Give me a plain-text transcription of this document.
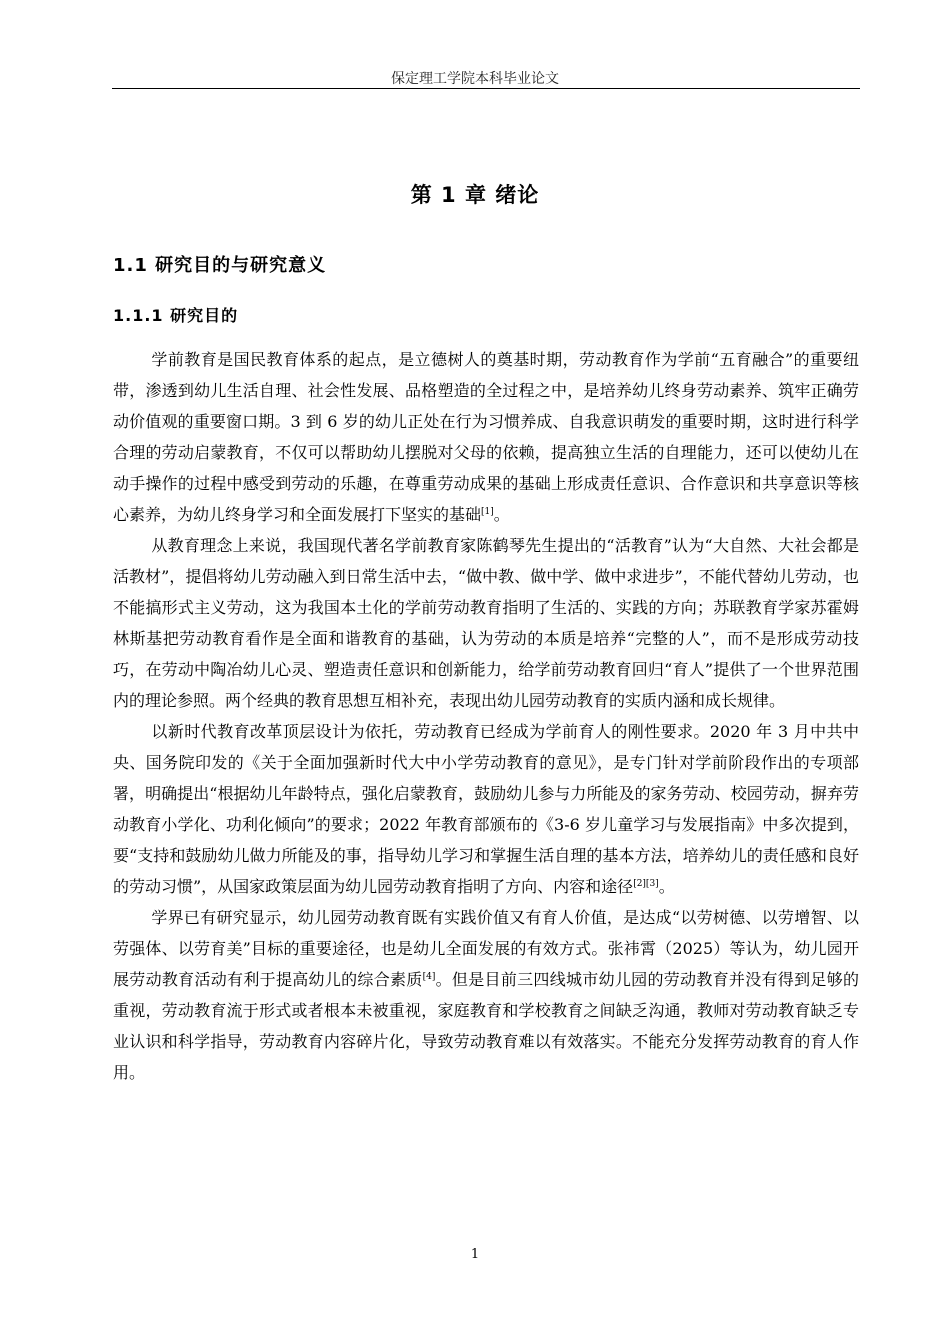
保定理工学院本科毕业论文
第 1 章 绪论
1.1 研究目的与研究意义
1.1.1 研究目的

学前教育是国民教育体系的起点，是立德树人的奠基时期，劳动教育作为学前“五育融合”的重要纽带，渗透到幼儿生活自理、社会性发展、品格塑造的全过程之中，是培养幼儿终身劳动素养、筑牢正确劳动价值观的重要窗口期。3 到 6 岁的幼儿正处在行为习惯养成、自我意识萌发的重要时期，这时进行科学合理的劳动启蒙教育，不仅可以帮助幼儿摆脱对父母的依赖，提高独立生活的自理能力，还可以使幼儿在动手操作的过程中感受到劳动的乐趣，在尊重劳动成果的基础上形成责任意识、合作意识和共享意识等核心素养，为幼儿终身学习和全面发展打下坚实的基础[1]。

从教育理念上来说，我国现代著名学前教育家陈鹤琴先生提出的“活教育”认为“大自然、大社会都是活教材”，提倡将幼儿劳动融入到日常生活中去，“做中教、做中学、做中求进步”，不能代替幼儿劳动，也不能搞形式主义劳动，这为我国本土化的学前劳动教育指明了生活的、实践的方向；苏联教育学家苏霍姆林斯基把劳动教育看作是全面和谐教育的基础，认为劳动的本质是培养“完整的人”，而不是形成劳动技巧，在劳动中陶冶幼儿心灵、塑造责任意识和创新能力，给学前劳动教育回归“育人”提供了一个世界范围内的理论参照。两个经典的教育思想互相补充，表现出幼儿园劳动教育的实质内涵和成长规律。

以新时代教育改革顶层设计为依托，劳动教育已经成为学前育人的刚性要求。2020 年 3 月中共中央、国务院印发的《关于全面加强新时代大中小学劳动教育的意见》，是专门针对学前阶段作出的专项部署，明确提出“根据幼儿年龄特点，强化启蒙教育，鼓励幼儿参与力所能及的家务劳动、校园劳动，摒弃劳动教育小学化、功利化倾向”的要求；2022 年教育部颁布的《3-6 岁儿童学习与发展指南》中多次提到，要“支持和鼓励幼儿做力所能及的事，指导幼儿学习和掌握生活自理的基本方法，培养幼儿的责任感和良好的劳动习惯”，从国家政策层面为幼儿园劳动教育指明了方向、内容和途径[2][3]。

学界已有研究显示，幼儿园劳动教育既有实践价值又有育人价值，是达成“以劳树德、以劳增智、以劳强体、以劳育美”目标的重要途径，也是幼儿全面发展的有效方式。张祎霄（2025）等认为，幼儿园开展劳动教育活动有利于提高幼儿的综合素质[4]。但是目前三四线城市幼儿园的劳动教育并没有得到足够的重视，劳动教育流于形式或者根本未被重视，家庭教育和学校教育之间缺乏沟通，教师对劳动教育缺乏专业认识和科学指导，劳动教育内容碎片化，导致劳动教育难以有效落实。不能充分发挥劳动教育的育人作用。

1
